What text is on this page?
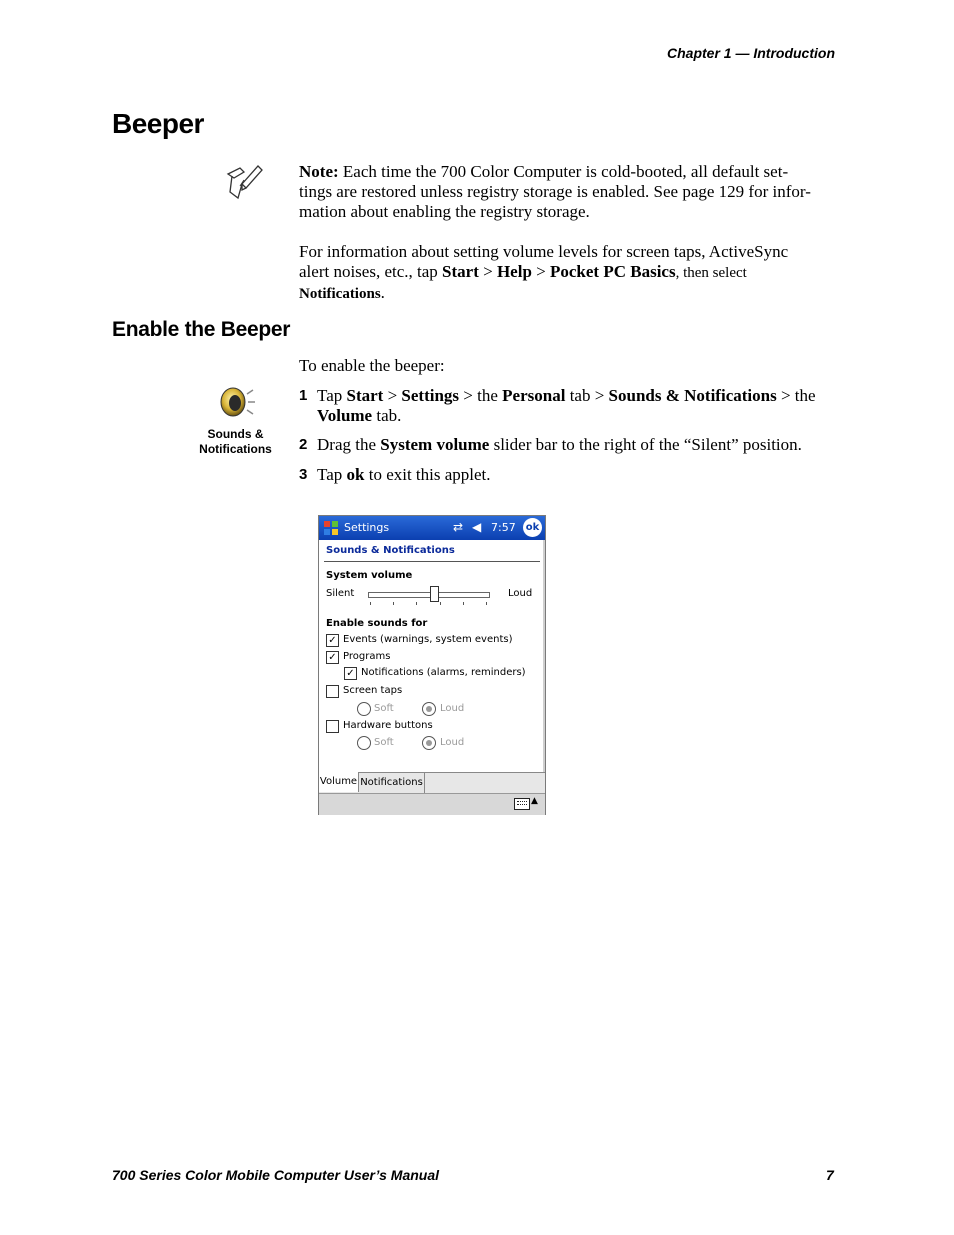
Chapter 1 — Introduction
Beeper
Note: Each time the 700 Color Computer is cold-booted, all default set-
tings are restored unless registry storage is enabled. See page 129 for infor-
mation about enabling the registry storage.
For information about setting volume levels for screen taps, ActiveSync
alert noises, etc., tap Start > Help > Pocket PC Basics, then select
Notifications.
Enable the Beeper
To enable the beeper:
Sounds &
Notifications
1 Tap Start > Settings > the Personal tab > Sounds & Notifications > the
Volume tab.
2 Drag the System volume slider bar to the right of the “Silent” position.
3 Tap ok to exit this applet.
Settings	⇄ ◀ 7:57 ok
Sounds & Notifications
System volume
Silent	Loud
Enable sounds for
✓ Events (warnings, system events)
✓ Programs
✓ Notifications (alarms, reminders)
Screen taps
Soft	Loud
Hardware buttons
Soft	Loud
Volume Notifications
▲
700 Series Color Mobile Computer User’s Manual	7
